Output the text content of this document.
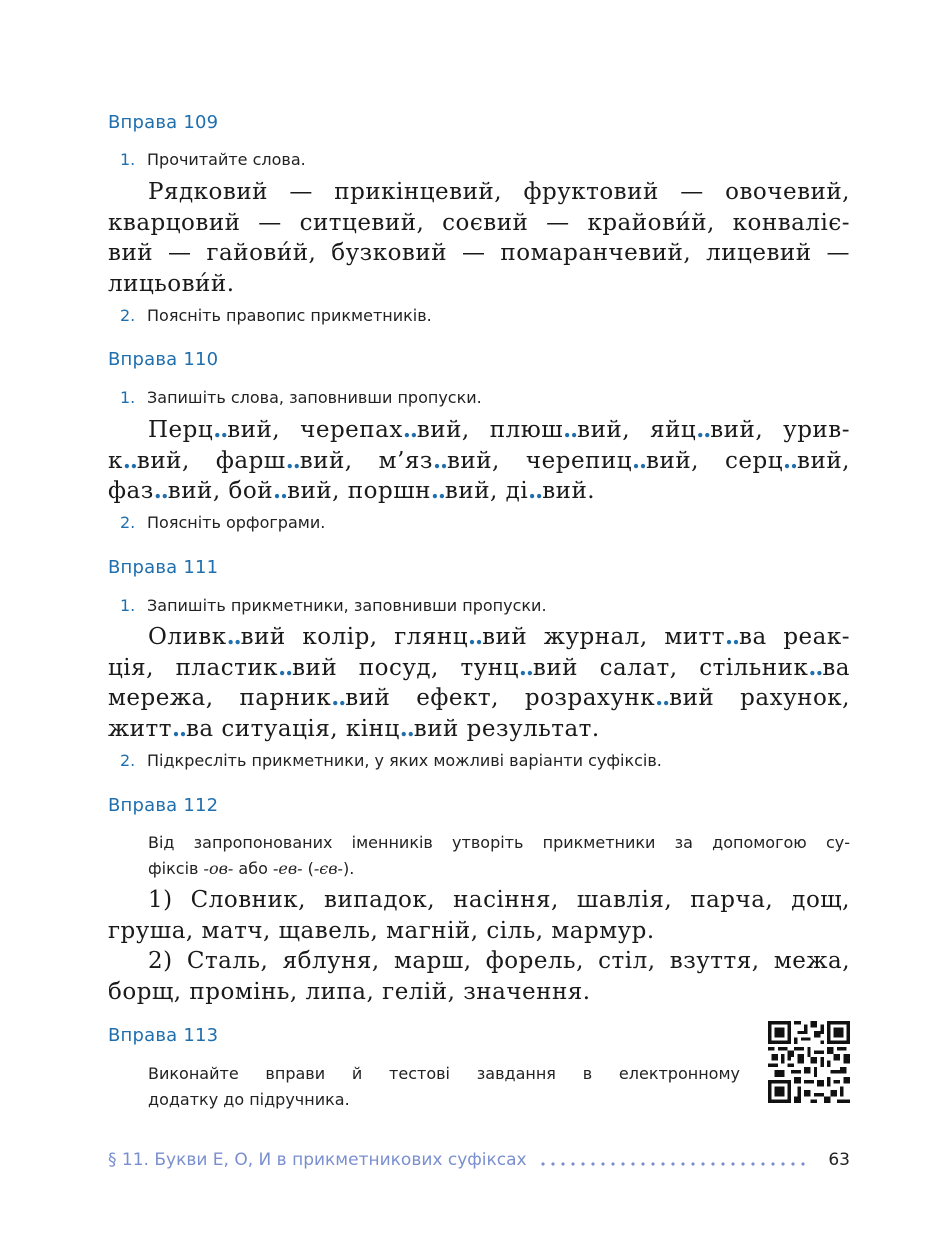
Вправа 109
1. Прочитайте слова.
Рядковий — прикінцевий, фруктовий — овочевий,
кварцовий — ситцевий, соєвий — крайови́й, конваліє-
вий — гайови́й, бузковий — помаранчевий, лицевий —
лицьови́й.
2. Поясніть правопис прикметників.
Вправа 110
1. Запишіть слова, заповнивши пропуски.
Перц..вий, черепах..вий, плюш..вий, яйц..вий, урив-
к..вий, фарш..вий, м’яз..вий, черепиц..вий, серц..вий,
фаз..вий, бой..вий, поршн..вий, ді..вий.
2. Поясніть орфограми.
Вправа 111
1. Запишіть прикметники, заповнивши пропуски.
Оливк..вий колір, глянц..вий журнал, митт..ва реак-
ція, пластик..вий посуд, тунц..вий салат, стільник..ва
мережа, парник..вий ефект, розрахунк..вий рахунок,
житт..ва ситуація, кінц..вий результат.
2. Підкресліть прикметники, у яких можливі варіанти суфіксів.
Вправа 112
Від запропонованих іменників утворіть прикметники за допомогою су-
фіксів -ов- або -ев- (-єв-).
1) Словник, випадок, насіння, шавлія, парча, дощ,
груша, матч, щавель, магній, сіль, мармур.
2) Сталь, яблуня, марш, форель, стіл, взуття, межа,
борщ, промінь, липа, гелій, значення.
Вправа 113
Виконайте вправи й тестові завдання в електронному
додатку до підручника.
§ 11. Букви Е, О, И в прикметникових суфіксах	63
